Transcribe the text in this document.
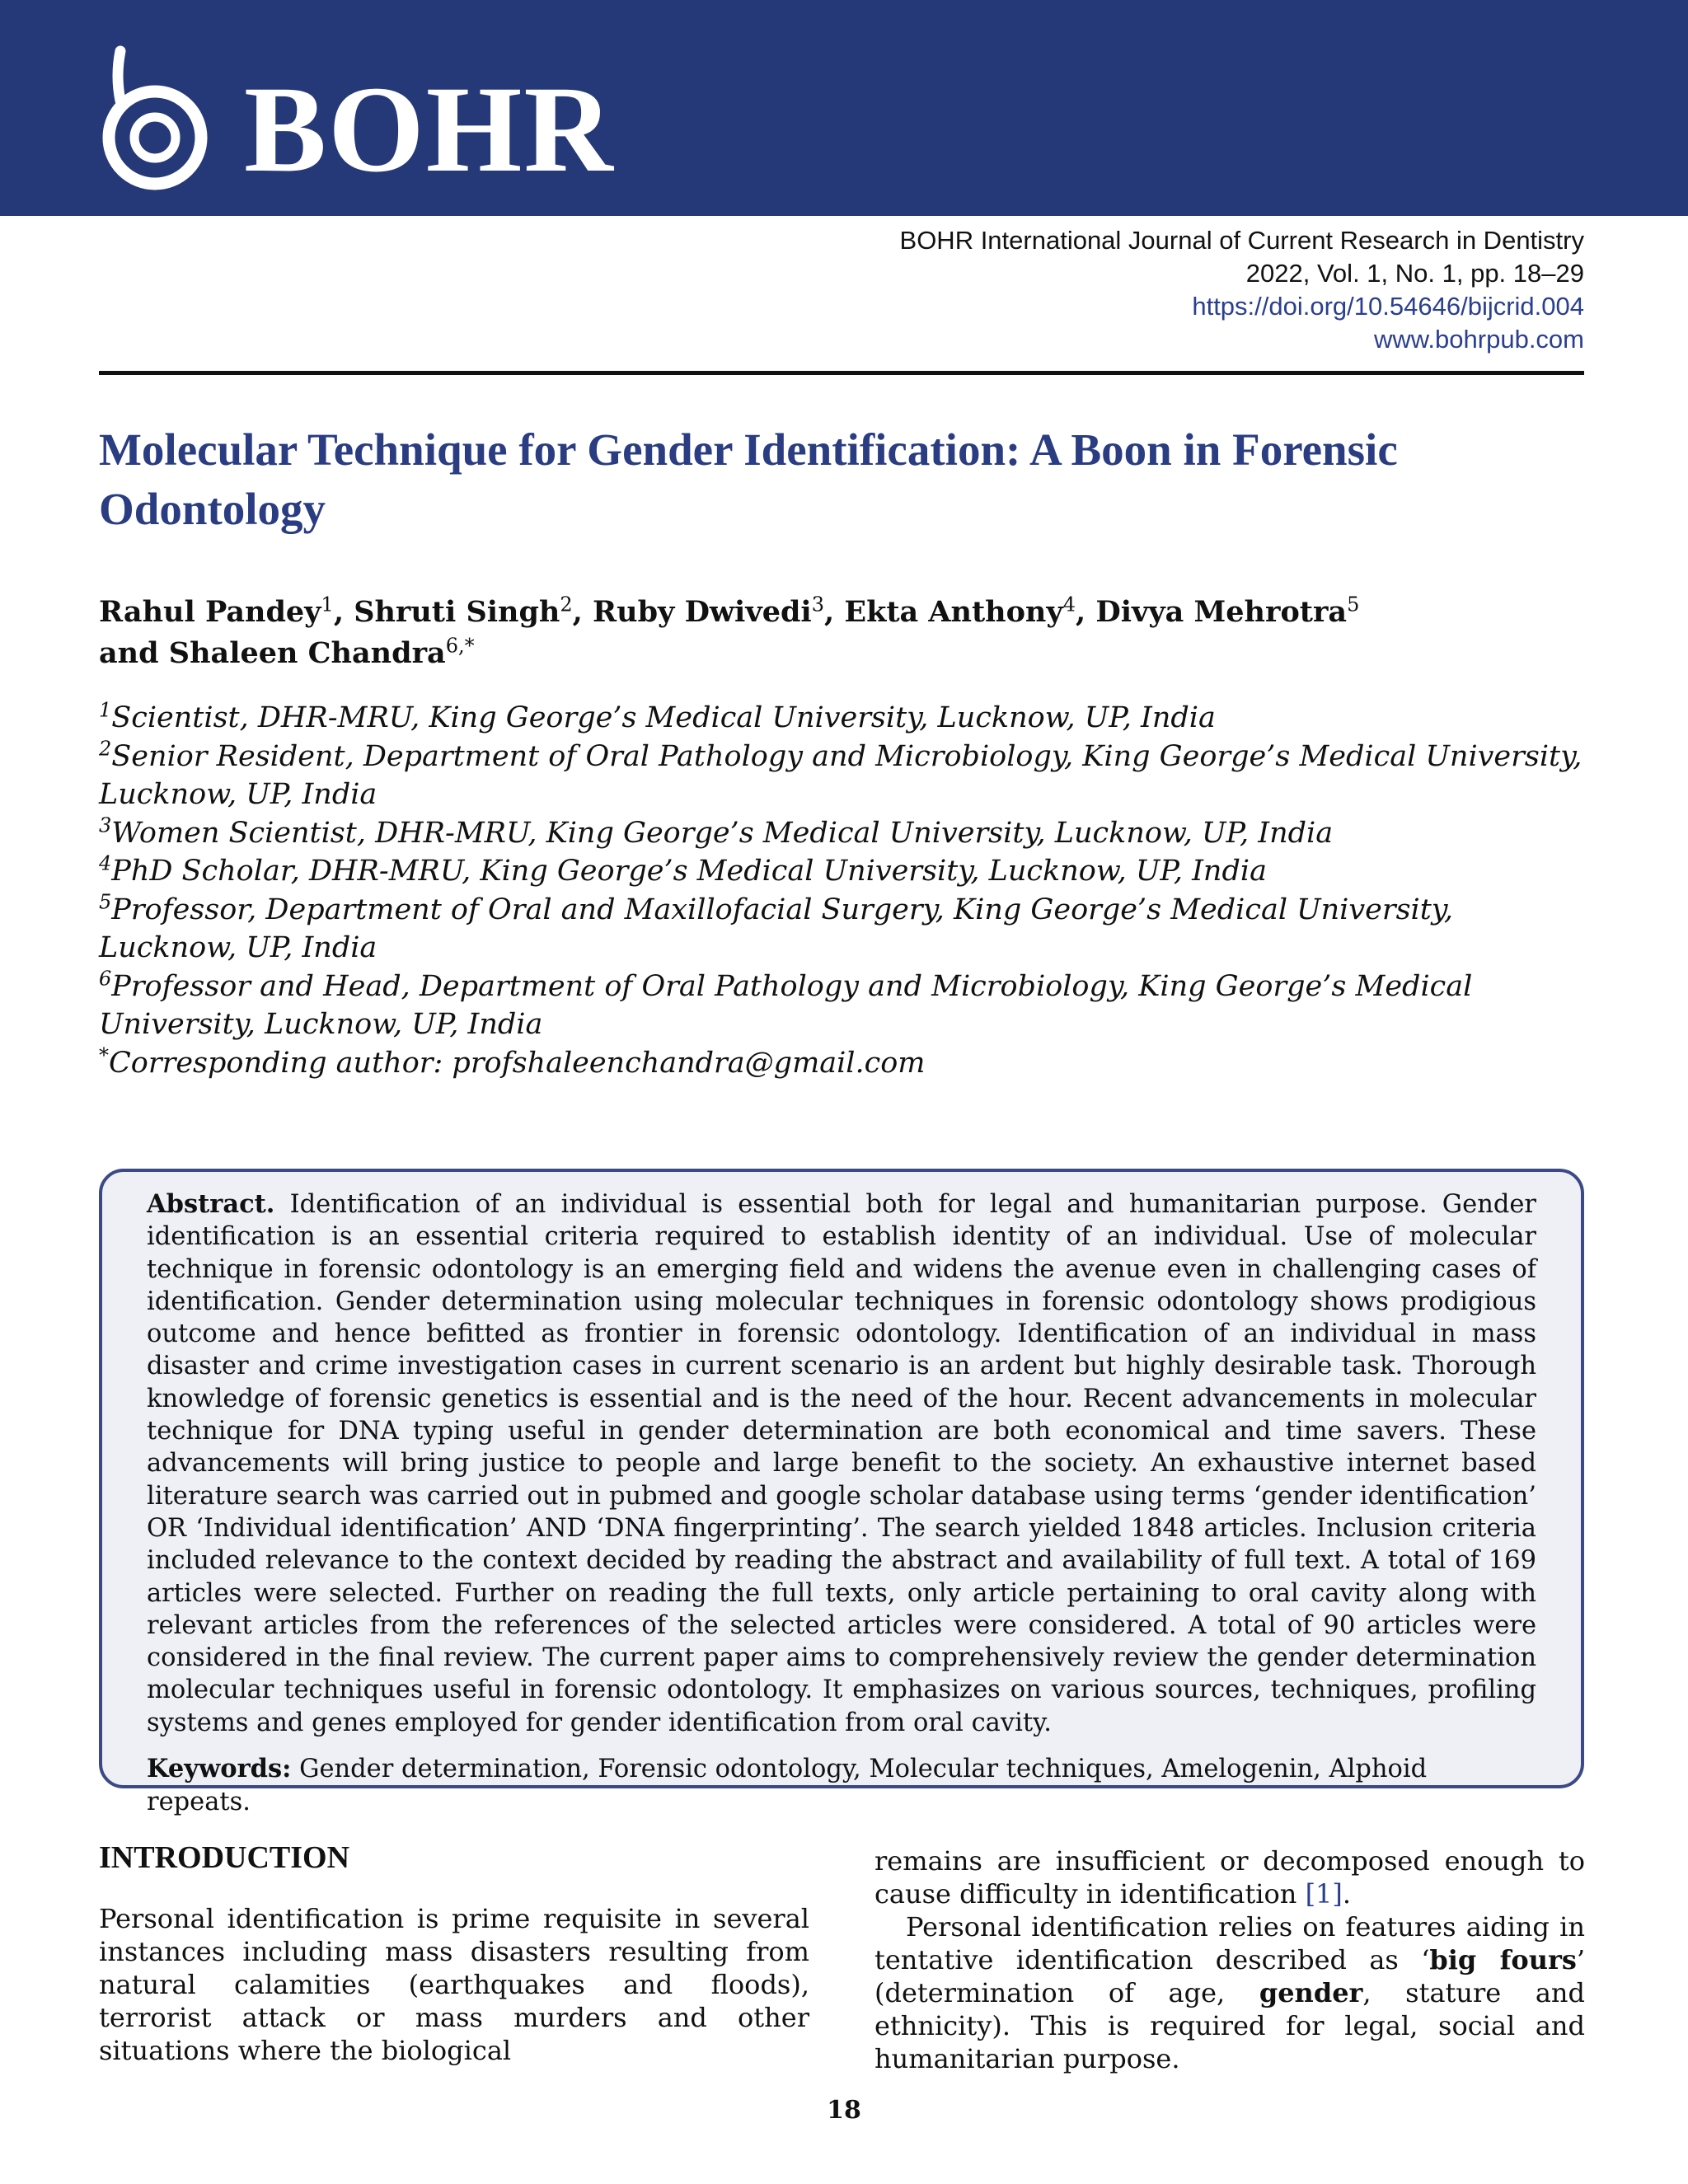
BOHR
BOHR International Journal of Current Research in Dentistry
2022, Vol. 1, No. 1, pp. 18–29
https://doi.org/10.54646/bijcrid.004
www.bohrpub.com
Molecular Technique for Gender Identification: A Boon in Forensic Odontology
Rahul Pandey$^1$, Shruti Singh$^2$, Ruby Dwivedi$^3$, Ekta Anthony$^4$, Divya Mehrotra$^5$
and Shaleen Chandra$^{6,*}$
$^1$Scientist, DHR-MRU, King George’s Medical University, Lucknow, UP, India
$^2$Senior Resident, Department of Oral Pathology and Microbiology, King George’s Medical University, Lucknow, UP, India
$^3$Women Scientist, DHR-MRU, King George’s Medical University, Lucknow, UP, India
$^4$PhD Scholar, DHR-MRU, King George’s Medical University, Lucknow, UP, India
$^5$Professor, Department of Oral and Maxillofacial Surgery, King George’s Medical University, Lucknow, UP, India
$^6$Professor and Head, Department of Oral Pathology and Microbiology, King George’s Medical University, Lucknow, UP, India
*Corresponding author: profshaleenchandra@gmail.com

Abstract. Identification of an individual is essential both for legal and humanitarian purpose. Gender identification is an essential criteria required to establish identity of an individual. Use of molecular technique in forensic odontology is an emerging field and widens the avenue even in challenging cases of identification. Gender determination using molecular techniques in forensic odontology shows prodigious outcome and hence befitted as frontier in forensic odontology. Identification of an individual in mass disaster and crime investigation cases in current scenario is an ardent but highly desirable task. Thorough knowledge of forensic genetics is essential and is the need of the hour. Recent advancements in molecular technique for DNA typing useful in gender determination are both economical and time savers. These advancements will bring justice to people and large benefit to the society. An exhaustive internet based literature search was carried out in pubmed and google scholar database using terms ‘gender identification’ OR ‘Individual identification’ AND ‘DNA fingerprinting’. The search yielded 1848 articles. Inclusion criteria included relevance to the context decided by reading the abstract and availability of full text. A total of 169 articles were selected. Further on reading the full texts, only article pertaining to oral cavity along with relevant articles from the references of the selected articles were considered. A total of 90 articles were considered in the final review. The current paper aims to comprehensively review the gender determination molecular techniques useful in forensic odontology. It emphasizes on various sources, techniques, profiling systems and genes employed for gender identification from oral cavity.

Keywords: Gender determination, Forensic odontology, Molecular techniques, Amelogenin, Alphoid repeats.
INTRODUCTION

Personal identification is prime requisite in several instances including mass disasters resulting from natural calamities (earthquakes and floods), terrorist attack or mass murders and other situations where the biological

remains are insufficient or decomposed enough to cause difficulty in identification [1].

Personal identification relies on features aiding in tentative identification described as ‘big fours’ (determination of age, gender, stature and ethnicity). This is required for legal, social and humanitarian purpose.

18
